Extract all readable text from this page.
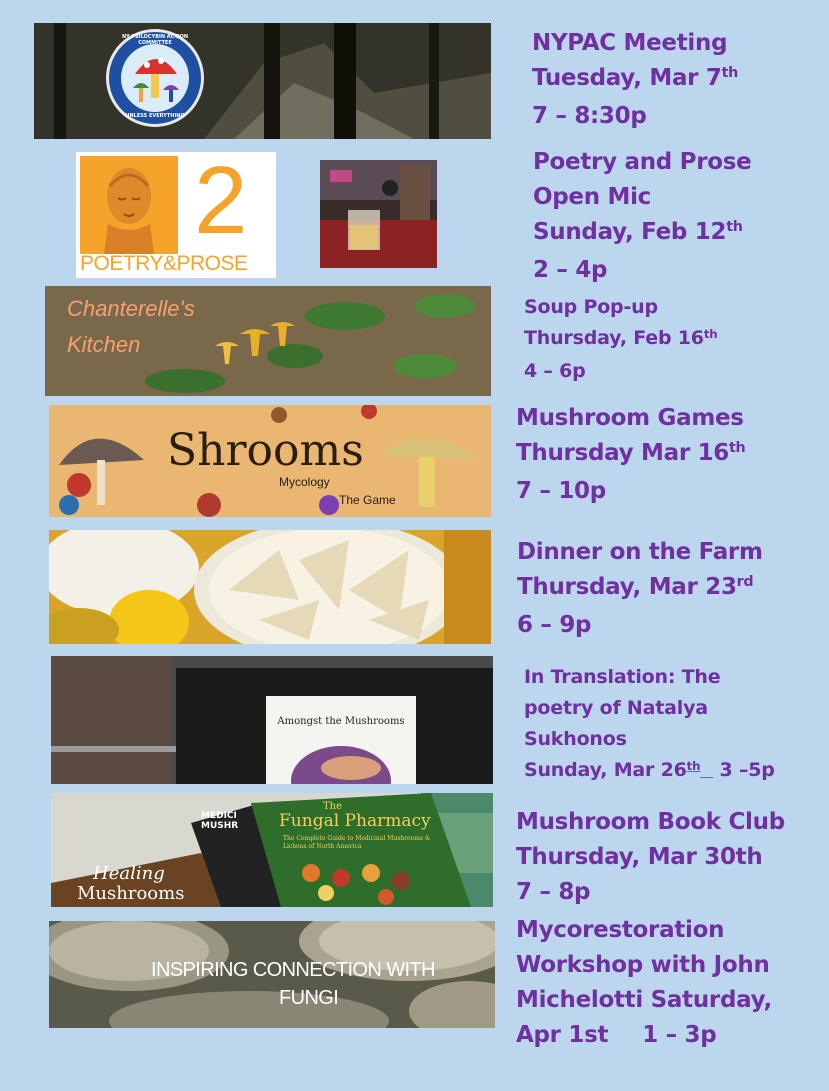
NY PSILOCYBIN ACTION COMMITTEE
UNLESS EVERYTHING
2
POETRY&PROSE
Chanterelle's
Kitchen
Shrooms
Mycology
The Game
Amongst the Mushrooms
The
Fungal Pharmacy
The Complete Guide to Medicinal Mushrooms & Lichens of North America
MEDICI MUSHR
Healing
Mushrooms
INSPIRING CONNECTION WITH
FUNGI
NYPAC Meeting
Tuesday, Mar 7th
7 – 8:30p
Poetry and Prose
Open Mic
Sunday, Feb 12th
2 – 4p
Soup Pop-up
Thursday, Feb 16th
4 – 6p
Mushroom Games
Thursday Mar 16th
7 – 10p
Dinner on the Farm
Thursday, Mar 23rd
6 – 9p
In Translation: The
poetry of Natalya
Sukhonos
Sunday, Mar 26th 3 –5p
Mushroom Book Club
Thursday, Mar 30th
7 – 8p
Mycorestoration
Workshop with John
Michelotti Saturday,
Apr 1st 1 – 3p
